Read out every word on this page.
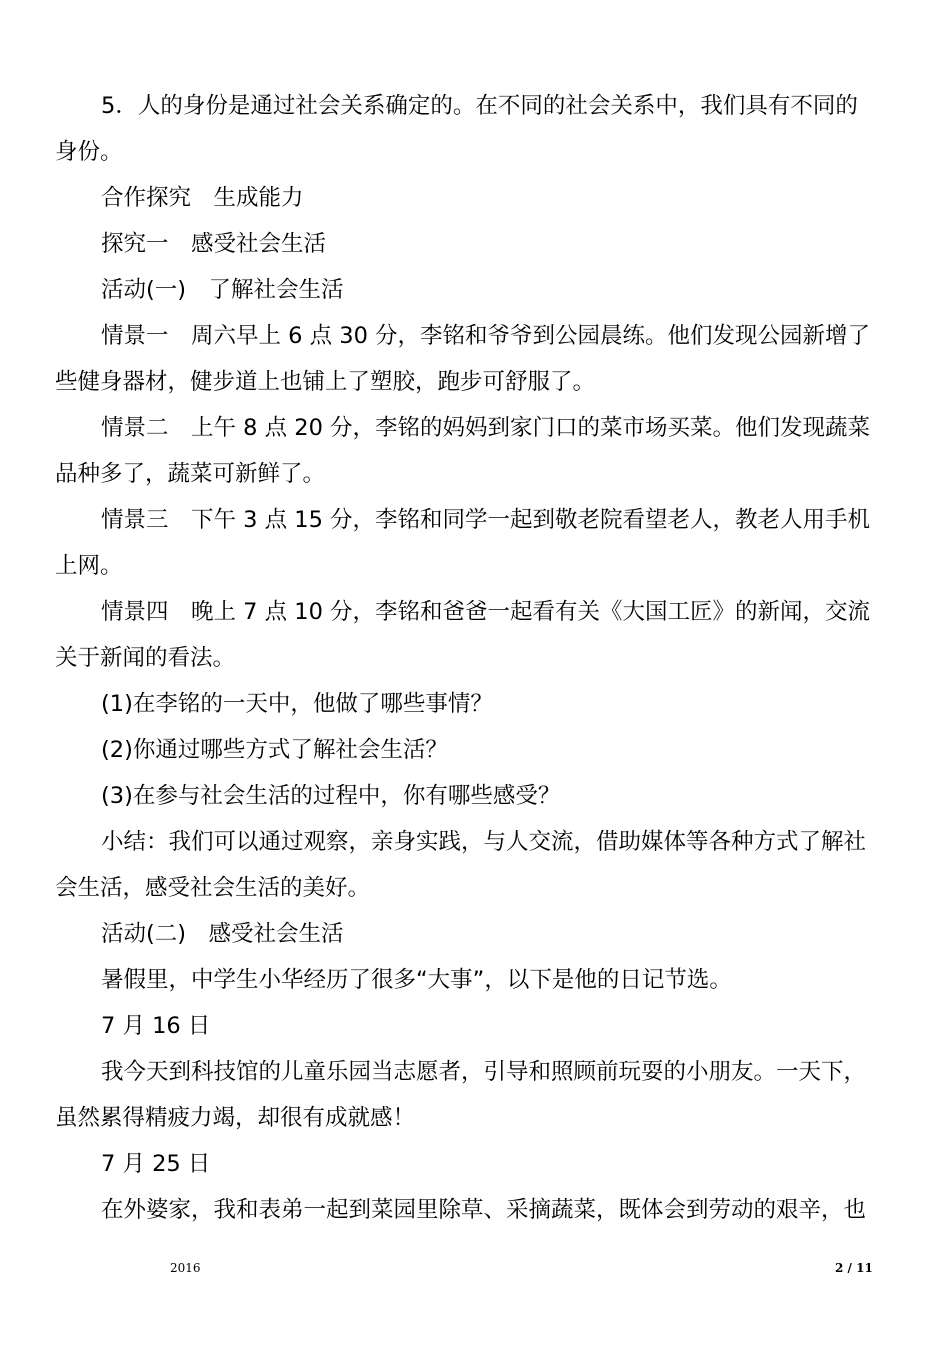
5．人的身份是通过社会关系确定的。在不同的社会关系中，我们具有不同的
身份。
合作探究　生成能力
探究一　感受社会生活
活动(一)　了解社会生活
情景一　周六早上 6 点 30 分，李铭和爷爷到公园晨练。他们发现公园新增了
些健身器材，健步道上也铺上了塑胶，跑步可舒服了。
情景二　上午 8 点 20 分，李铭的妈妈到家门口的菜市场买菜。他们发现蔬菜
品种多了，蔬菜可新鲜了。
情景三　下午 3 点 15 分，李铭和同学一起到敬老院看望老人，教老人用手机
上网。
情景四　晚上 7 点 10 分，李铭和爸爸一起看有关《大国工匠》的新闻，交流
关于新闻的看法。
(1)在李铭的一天中，他做了哪些事情？
(2)你通过哪些方式了解社会生活？
(3)在参与社会生活的过程中，你有哪些感受？
小结：我们可以通过观察，亲身实践，与人交流，借助媒体等各种方式了解社
会生活，感受社会生活的美好。
活动(二)　感受社会生活
暑假里，中学生小华经历了很多“大事”，以下是他的日记节选。
7 月 16 日
我今天到科技馆的儿童乐园当志愿者，引导和照顾前玩耍的小朋友。一天下，
虽然累得精疲力竭，却很有成就感！
7 月 25 日
在外婆家，我和表弟一起到菜园里除草、采摘蔬菜，既体会到劳动的艰辛，也
2016	2 / 11
